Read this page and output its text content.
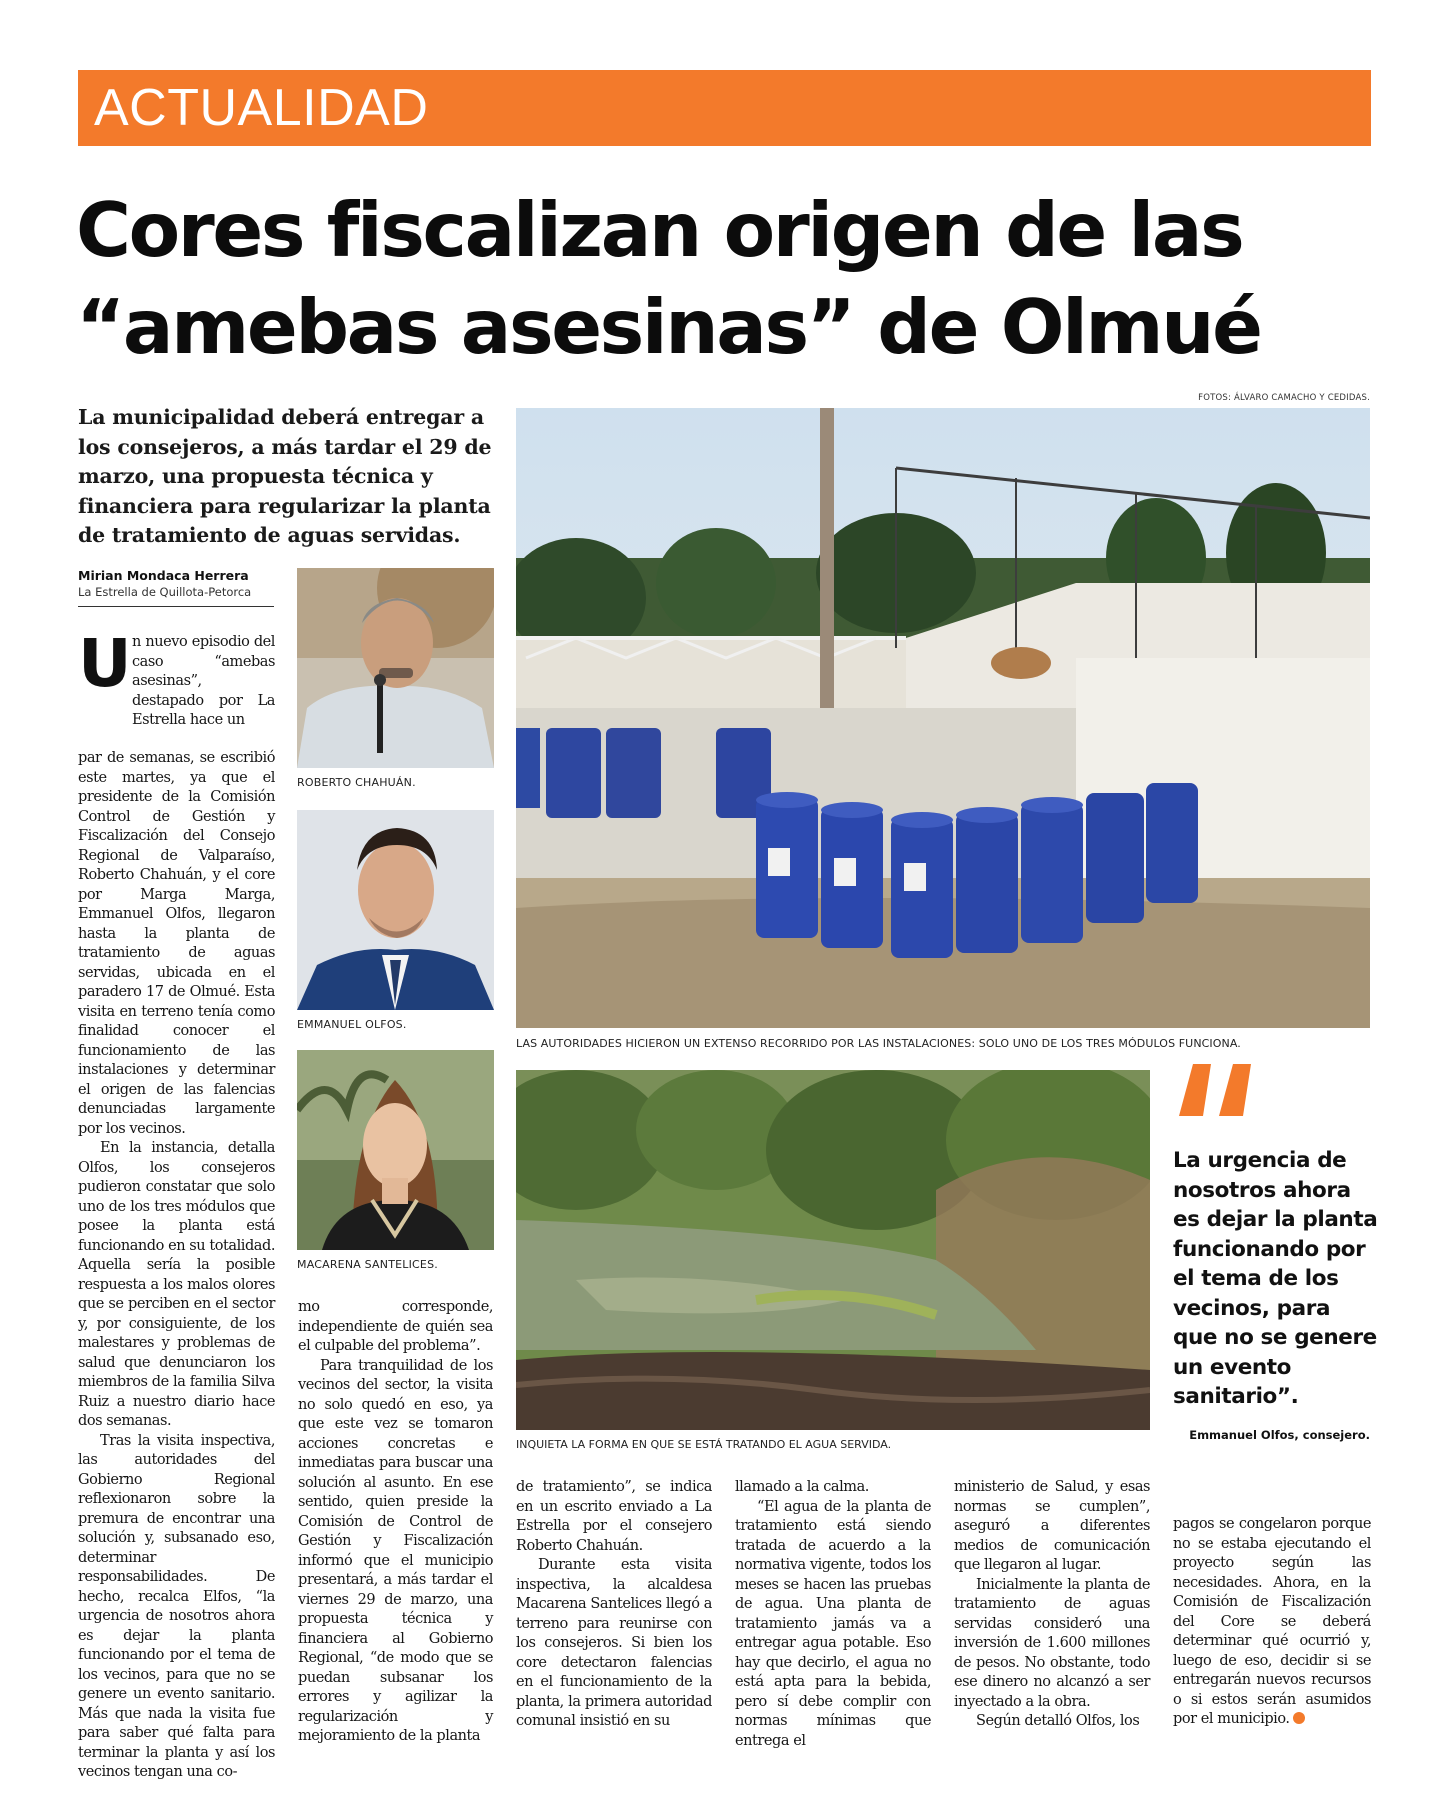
ACTUALIDAD
Cores fiscalizan origen de las
“amebas asesinas” de Olmué
La municipalidad deberá entregar a los consejeros, a más tardar el 29 de marzo, una propuesta técnica y financiera para regularizar la planta de tratamiento de aguas servidas.
Mirian Mondaca Herrera
La Estrella de Quillota-Petorca
ROBERTO CHAHUÁN.
EMMANUEL OLFOS.
MACARENA SANTELICES.
FOTOS: ÁLVARO CAMACHO Y CEDIDAS.
LAS AUTORIDADES HICIERON UN EXTENSO RECORRIDO POR LAS INSTALACIONES: SOLO UNO DE LOS TRES MÓDULOS FUNCIONA.
INQUIETA LA FORMA EN QUE SE ESTÁ TRATANDO EL AGUA SERVIDA.
La urgencia de nosotros ahora es dejar la planta funcionando por el tema de los vecinos, para que no se genere un evento sanitario”.
Emmanuel Olfos, consejero.
U n nuevo episodio del caso “amebas asesinas”, destapado por La Estrella hace un

par de semanas, se escribió este martes, ya que el presidente de la Comisión Control de Gestión y Fiscalización del Consejo Regional de Valparaíso, Roberto Chahuán, y el core por Marga Marga, Emmanuel Olfos, llegaron hasta la planta de tratamiento de aguas servidas, ubicada en el paradero 17 de Olmué. Esta visita en terreno tenía como finalidad conocer el funcionamiento de las instalaciones y determinar el origen de las falencias denunciadas largamente por los vecinos.

En la instancia, detalla Olfos, los consejeros pudieron constatar que solo uno de los tres módulos que posee la planta está funcionando en su totalidad. Aquella sería la posible respuesta a los malos olores que se perciben en el sector y, por consiguiente, de los malestares y problemas de salud que denunciaron los miembros de la familia Silva Ruiz a nuestro diario hace dos semanas.

Tras la visita inspectiva, las autoridades del Gobierno Regional reflexionaron sobre la premura de encontrar una solución y, subsanado eso, determinar responsabilidades. De hecho, recalca Elfos, “la urgencia de nosotros ahora es dejar la planta funcionando por el tema de los vecinos, para que no se genere un evento sanitario. Más que nada la visita fue para saber qué falta para terminar la planta y así los vecinos tengan una co-

mo corresponde, independiente de quién sea el culpable del problema”.

Para tranquilidad de los vecinos del sector, la visita no solo quedó en eso, ya que este vez se tomaron acciones concretas e inmediatas para buscar una solución al asunto. En ese sentido, quien preside la Comisión de Control de Gestión y Fiscalización informó que el municipio presentará, a más tardar el viernes 29 de marzo, una propuesta técnica y financiera al Gobierno Regional, “de modo que se puedan subsanar los errores y agilizar la regularización y mejoramiento de la planta

de tratamiento”, se indica en un escrito enviado a La Estrella por el consejero Roberto Chahuán.

Durante esta visita inspectiva, la alcaldesa Macarena Santelices llegó a terreno para reunirse con los consejeros. Si bien los core detectaron falencias en el funcionamiento de la planta, la primera autoridad comunal insistió en su

llamado a la calma.

“El agua de la planta de tratamiento está siendo tratada de acuerdo a la normativa vigente, todos los meses se hacen las pruebas de agua. Una planta de tratamiento jamás va a entregar agua potable. Eso hay que decirlo, el agua no está apta para la bebida, pero sí debe complir con normas mínimas que entrega el

ministerio de Salud, y esas normas se cumplen”, aseguró a diferentes medios de comunicación que llegaron al lugar.

Inicialmente la planta de tratamiento de aguas servidas consideró una inversión de 1.600 millones de pesos. No obstante, todo ese dinero no alcanzó a ser inyectado a la obra.

Según detalló Olfos, los

pagos se congelaron porque no se estaba ejecutando el proyecto según las necesidades. Ahora, en la Comisión de Fiscalización del Core se deberá determinar qué ocurrió y, luego de eso, decidir si se entregarán nuevos recursos o si estos serán asumidos por el municipio.
